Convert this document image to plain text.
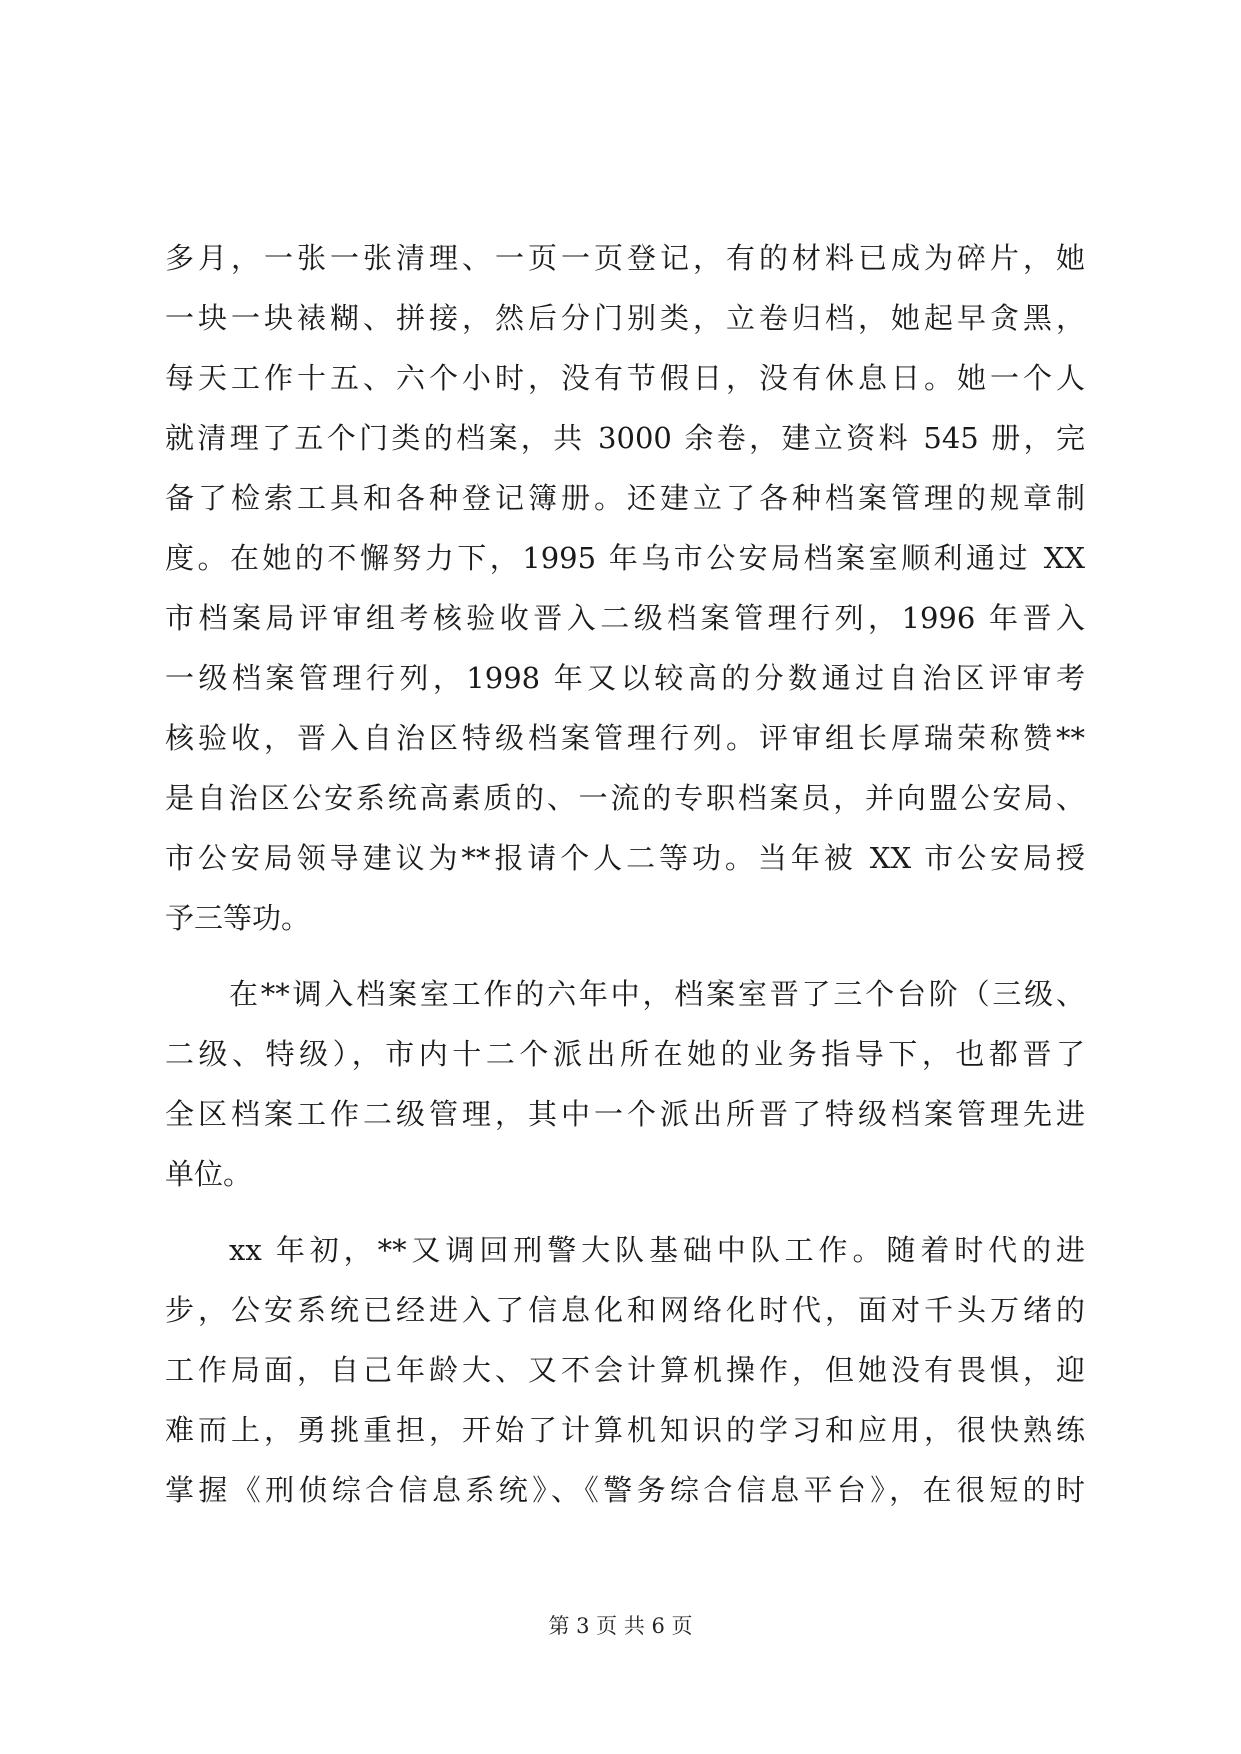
多月，一张一张清理、一页一页登记，有的材料已成为碎片，她
一块一块裱糊、拼接，然后分门别类，立卷归档，她起早贪黑，
每天工作十五、六个小时，没有节假日，没有休息日。她一个人
就清理了五个门类的档案，共 3000 余卷，建立资料 545 册，完
备了检索工具和各种登记簿册。还建立了各种档案管理的规章制
度。在她的不懈努力下，1995 年乌市公安局档案室顺利通过 XX
市档案局评审组考核验收晋入二级档案管理行列，1996 年晋入
一级档案管理行列，1998 年又以较高的分数通过自治区评审考
核验收，晋入自治区特级档案管理行列。评审组长厚瑞荣称赞**
是自治区公安系统高素质的、一流的专职档案员，并向盟公安局、
市公安局领导建议为**报请个人二等功。当年被 XX 市公安局授
予三等功。
在**调入档案室工作的六年中，档案室晋了三个台阶（三级、
二级、特级），市内十二个派出所在她的业务指导下，也都晋了
全区档案工作二级管理，其中一个派出所晋了特级档案管理先进
单位。
xx 年初，**又调回刑警大队基础中队工作。随着时代的进
步，公安系统已经进入了信息化和网络化时代，面对千头万绪的
工作局面，自己年龄大、又不会计算机操作，但她没有畏惧，迎
难而上，勇挑重担，开始了计算机知识的学习和应用，很快熟练
掌握《刑侦综合信息系统》、《警务综合信息平台》，在很短的时
第 3 页 共 6 页
